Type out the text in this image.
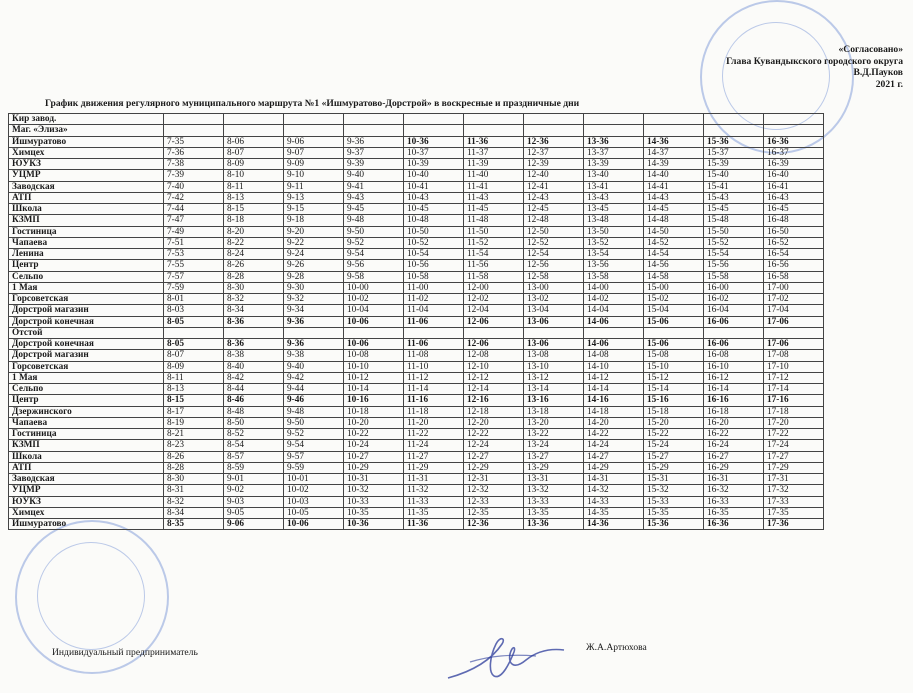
«Согласовано»
Глава Кувандыкского городского округа
В.Д.Пауков
2021 г.
График движения регулярного муниципального маршрута №1 «Ишмуратово-Дорстрой» в воскресные и праздничные дни
Кир завод.											
Маг. «Элиза»											
Ишмуратово	7-35	8-06	9-06	9-36	10-36	11-36	12-36	13-36	14-36	15-36	16-36
Химцех	7-36	8-07	9-07	9-37	10-37	11-37	12-37	13-37	14-37	15-37	16-37
ЮУКЗ	7-38	8-09	9-09	9-39	10-39	11-39	12-39	13-39	14-39	15-39	16-39
УЦМР	7-39	8-10	9-10	9-40	10-40	11-40	12-40	13-40	14-40	15-40	16-40
Заводская	7-40	8-11	9-11	9-41	10-41	11-41	12-41	13-41	14-41	15-41	16-41
АТП	7-42	8-13	9-13	9-43	10-43	11-43	12-43	13-43	14-43	15-43	16-43
Школа	7-44	8-15	9-15	9-45	10-45	11-45	12-45	13-45	14-45	15-45	16-45
КЗМП	7-47	8-18	9-18	9-48	10-48	11-48	12-48	13-48	14-48	15-48	16-48
Гостиница	7-49	8-20	9-20	9-50	10-50	11-50	12-50	13-50	14-50	15-50	16-50
Чапаева	7-51	8-22	9-22	9-52	10-52	11-52	12-52	13-52	14-52	15-52	16-52
Ленина	7-53	8-24	9-24	9-54	10-54	11-54	12-54	13-54	14-54	15-54	16-54
Центр	7-55	8-26	9-26	9-56	10-56	11-56	12-56	13-56	14-56	15-56	16-56
Сельпо	7-57	8-28	9-28	9-58	10-58	11-58	12-58	13-58	14-58	15-58	16-58
1 Мая	7-59	8-30	9-30	10-00	11-00	12-00	13-00	14-00	15-00	16-00	17-00
Горсоветская	8-01	8-32	9-32	10-02	11-02	12-02	13-02	14-02	15-02	16-02	17-02
Дорстрой магазин	8-03	8-34	9-34	10-04	11-04	12-04	13-04	14-04	15-04	16-04	17-04
Дорстрой конечная	8-05	8-36	9-36	10-06	11-06	12-06	13-06	14-06	15-06	16-06	17-06
Отстой											
Дорстрой конечная	8-05	8-36	9-36	10-06	11-06	12-06	13-06	14-06	15-06	16-06	17-06
Дорстрой магазин	8-07	8-38	9-38	10-08	11-08	12-08	13-08	14-08	15-08	16-08	17-08
Горсоветская	8-09	8-40	9-40	10-10	11-10	12-10	13-10	14-10	15-10	16-10	17-10
1 Мая	8-11	8-42	9-42	10-12	11-12	12-12	13-12	14-12	15-12	16-12	17-12
Сельпо	8-13	8-44	9-44	10-14	11-14	12-14	13-14	14-14	15-14	16-14	17-14
Центр	8-15	8-46	9-46	10-16	11-16	12-16	13-16	14-16	15-16	16-16	17-16
Дзержинского	8-17	8-48	9-48	10-18	11-18	12-18	13-18	14-18	15-18	16-18	17-18
Чапаева	8-19	8-50	9-50	10-20	11-20	12-20	13-20	14-20	15-20	16-20	17-20
Гостиница	8-21	8-52	9-52	10-22	11-22	12-22	13-22	14-22	15-22	16-22	17-22
КЗМП	8-23	8-54	9-54	10-24	11-24	12-24	13-24	14-24	15-24	16-24	17-24
Школа	8-26	8-57	9-57	10-27	11-27	12-27	13-27	14-27	15-27	16-27	17-27
АТП	8-28	8-59	9-59	10-29	11-29	12-29	13-29	14-29	15-29	16-29	17-29
Заводская	8-30	9-01	10-01	10-31	11-31	12-31	13-31	14-31	15-31	16-31	17-31
УЦМР	8-31	9-02	10-02	10-32	11-32	12-32	13-32	14-32	15-32	16-32	17-32
ЮУКЗ	8-32	9-03	10-03	10-33	11-33	12-33	13-33	14-33	15-33	16-33	17-33
Химцех	8-34	9-05	10-05	10-35	11-35	12-35	13-35	14-35	15-35	16-35	17-35
Ишмуратово	8-35	9-06	10-06	10-36	11-36	12-36	13-36	14-36	15-36	16-36	17-36
Индивидуальный предприниматель	Ж.А.Артюхова
